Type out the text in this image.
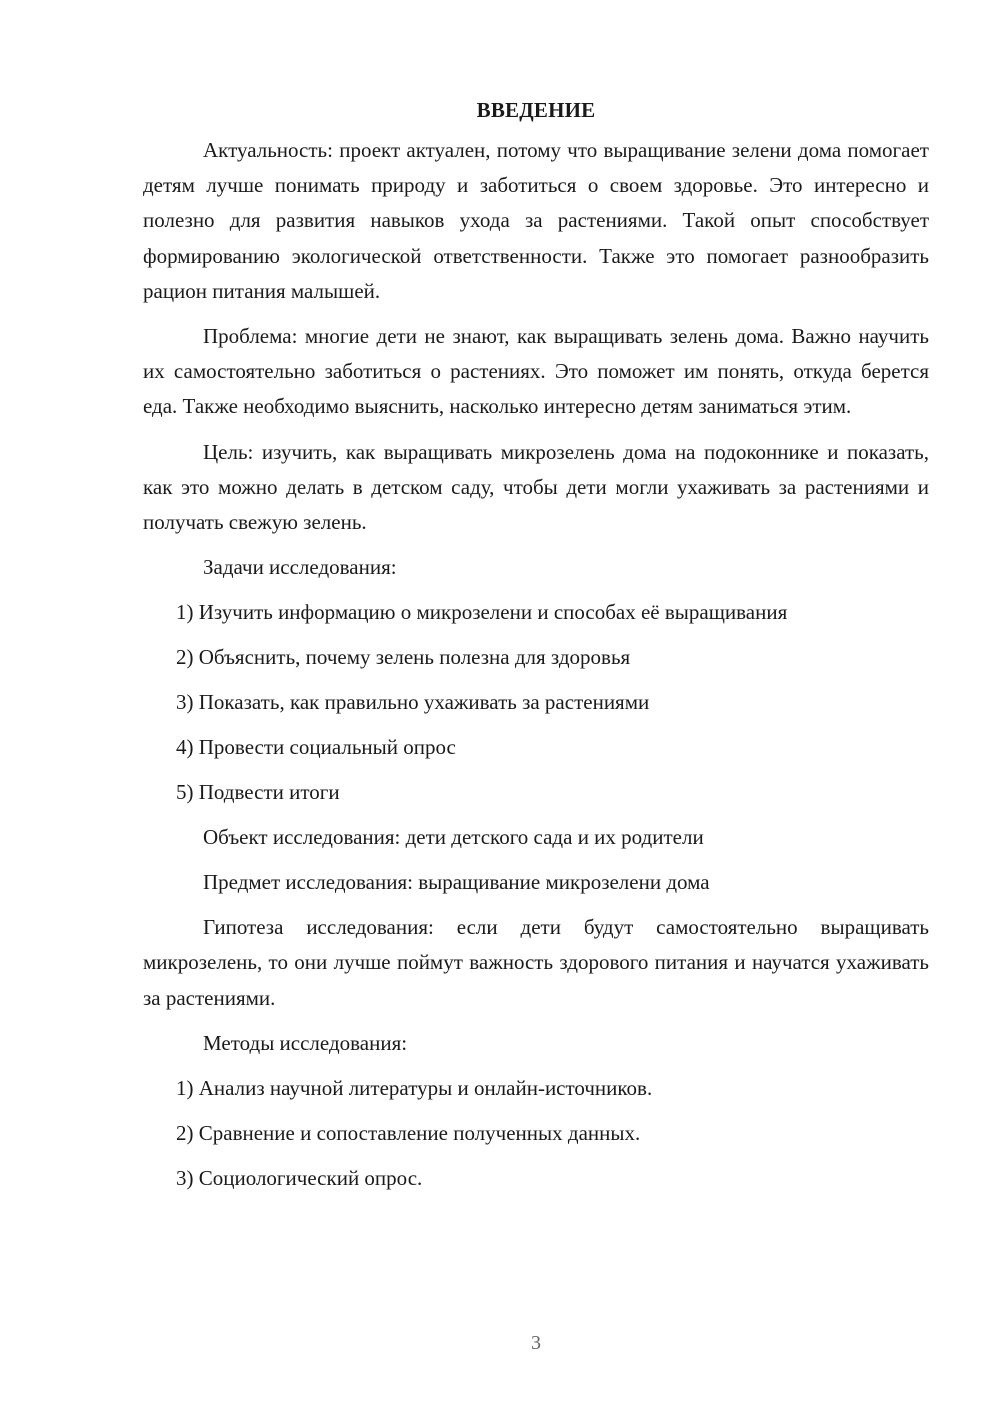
ВВЕДЕНИЕ

Актуальность: проект актуален, потому что выращивание зелени дома помогает детям лучше понимать природу и заботиться о своем здоровье. Это интересно и полезно для развития навыков ухода за растениями. Такой опыт способствует формированию экологической ответственности. Также это помогает разнообразить рацион питания малышей.

Проблема: многие дети не знают, как выращивать зелень дома. Важно научить их самостоятельно заботиться о растениях. Это поможет им понять, откуда берется еда. Также необходимо выяснить, насколько интересно детям заниматься этим.

Цель: изучить, как выращивать микрозелень дома на подоконнике и показать, как это можно делать в детском саду, чтобы дети могли ухаживать за растениями и получать свежую зелень.

Задачи исследования:
1) Изучить информацию о микрозелени и способах её выращивания
2) Объяснить, почему зелень полезна для здоровья
3) Показать, как правильно ухаживать за растениями
4) Провести социальный опрос
5) Подвести итоги
Объект исследования: дети детского сада и их родители
Предмет исследования: выращивание микрозелени дома

Гипотеза исследования: если дети будут самостоятельно выращивать микрозелень, то они лучше поймут важность здорового питания и научатся ухаживать за растениями.

Методы исследования:
1) Анализ научной литературы и онлайн-источников.
2) Сравнение и сопоставление полученных данных.
3) Социологический опрос.
3
